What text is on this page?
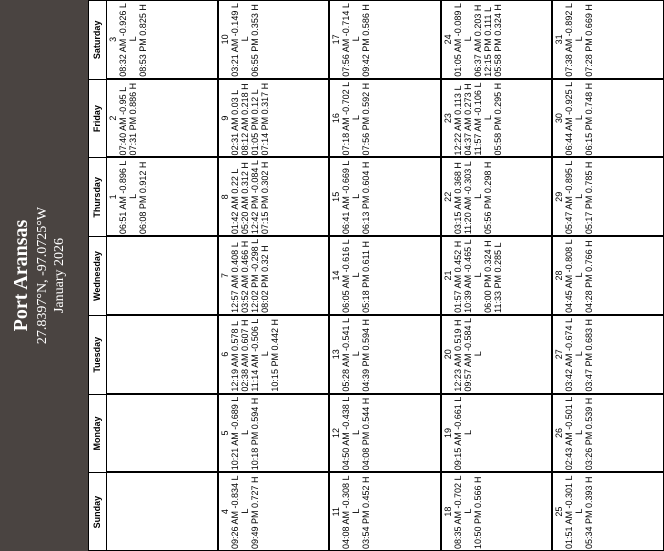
Port Aransas 27.8397°N, -97.0725°W January 2026
Sunday
Monday
Tuesday
Wednesday
Thursday
Friday
Saturday
1 06:51 AM -0.896 L L 06:08 PM 0.912 H
2 07:40 AM -0.95 L 07:31 PM 0.886 H
3 08:32 AM -0.926 L L 08:53 PM 0.825 H
4 09:26 AM -0.834 L L 09:49 PM 0.727 H
5 10:21 AM -0.689 L L 10:18 PM 0.594 H
6 12:19 AM 0.578 L 02:38 AM 0.607 H 11:14 AM -0.506 L L 10:15 PM 0.442 H
7 12:57 AM 0.408 L 03:52 AM 0.466 H 12:02 PM -0.298 L 08:02 PM 0.32 H
8 01:42 AM 0.22 L 05:20 AM 0.312 H 12:42 PM -0.084 L 07:15 PM 0.302 H
9 02:31 AM 0.03 L 08:12 AM 0.218 H 01:05 PM 0.12 L 07:14 PM 0.317 H
10 03:21 AM -0.149 L L 06:55 PM 0.353 H
11 04:08 AM -0.308 L L 03:54 PM 0.452 H
12 04:50 AM -0.438 L L 04:08 PM 0.544 H
13 05:28 AM -0.541 L L 04:39 PM 0.594 H
14 06:05 AM -0.616 L L 05:18 PM 0.611 H
15 06:41 AM -0.669 L L 06:13 PM 0.604 H
16 07:18 AM -0.702 L L 07:56 PM 0.592 H
17 07:56 AM -0.714 L L 09:42 PM 0.586 H
18 08:35 AM -0.702 L L 10:50 PM 0.566 H
19 09:15 AM -0.661 L L
20 12:23 AM 0.519 H 09:57 AM -0.584 L L
21 01:57 AM 0.452 H 10:39 AM -0.465 L L 06:00 PM 0.324 H 11:33 PM 0.285 L
22 03:15 AM 0.368 H 11:20 AM -0.303 L L 05:56 PM 0.298 H
23 12:22 AM 0.113 L 04:37 AM 0.273 H 11:57 AM -0.106 L L 05:58 PM 0.295 H
24 01:05 AM -0.089 L L 06:37 AM 0.203 H 12:15 PM 0.111 L 05:58 PM 0.324 H
25 01:51 AM -0.301 L L 05:34 PM 0.393 H
26 02:43 AM -0.501 L L 03:26 PM 0.539 H
27 03:42 AM -0.674 L L 03:47 PM 0.683 H
28 04:45 AM -0.808 L L 04:28 PM 0.766 H
29 05:47 AM -0.895 L L 05:17 PM 0.785 H
30 06:44 AM -0.925 L L 06:15 PM 0.748 H
31 07:38 AM -0.892 L L 07:28 PM 0.669 H
